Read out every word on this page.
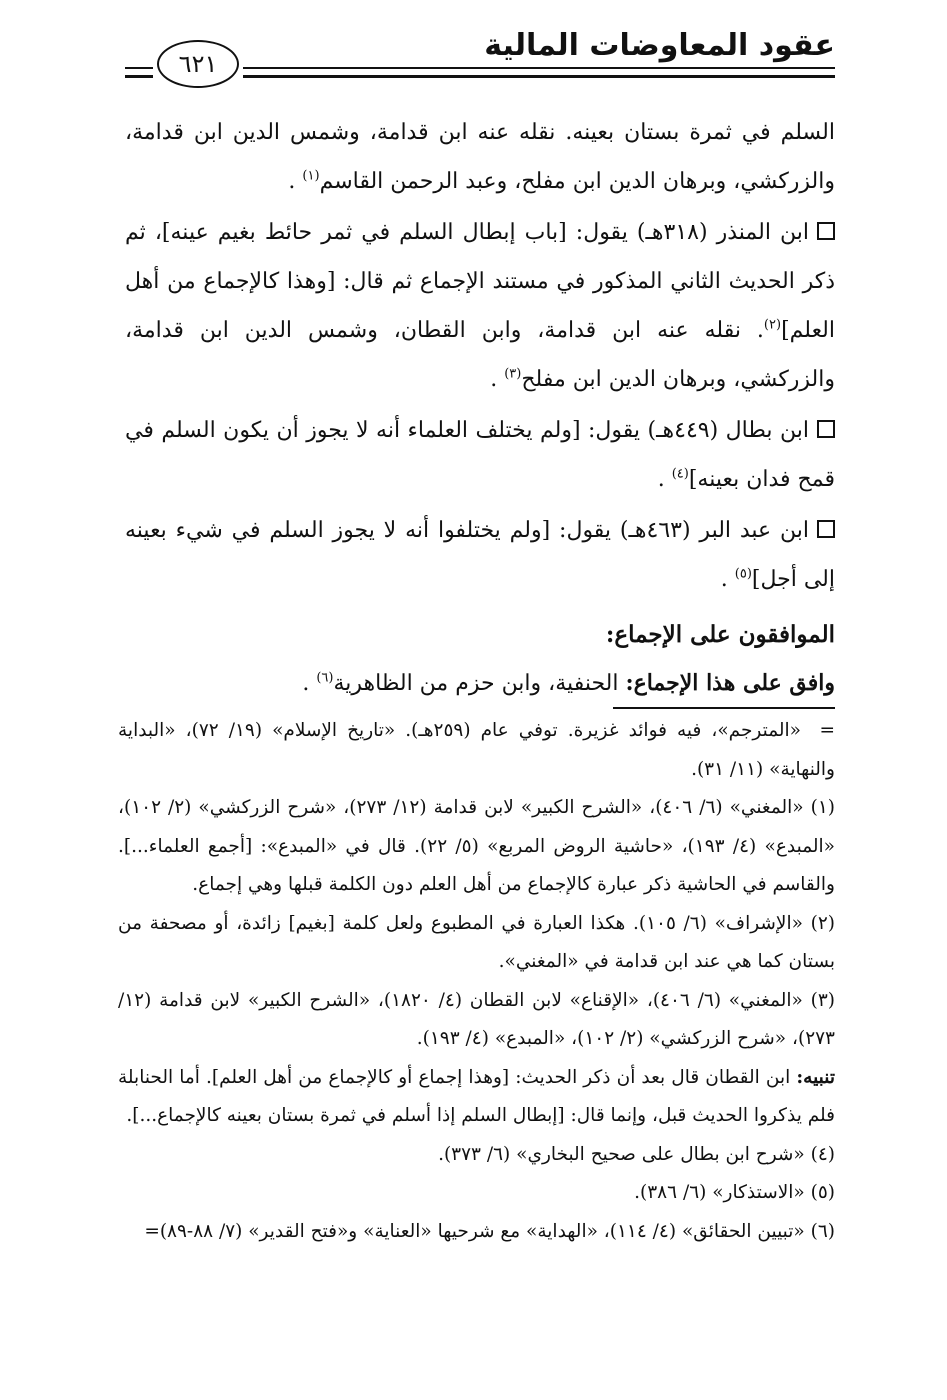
عقود المعاوضات المالية
٦٢١

السلم في ثمرة بستان بعينه. نقله عنه ابن قدامة، وشمس الدين ابن قدامة، والزركشي، وبرهان الدين ابن مفلح، وعبد الرحمن القاسم$^{(١)}$ .

ابن المنذر (٣١٨هـ) يقول: [باب إبطال السلم في ثمر حائط بغيم عينه]، ثم ذكر الحديث الثاني المذكور في مستند الإجماع ثم قال: [وهذا كالإجماع من أهل العلم]$^{(٢)}$. نقله عنه ابن قدامة، وابن القطان، وشمس الدين ابن قدامة، والزركشي، وبرهان الدين ابن مفلح$^{(٣)}$ .

ابن بطال (٤٤٩هـ) يقول: [ولم يختلف العلماء أنه لا يجوز أن يكون السلم في قمح فدان بعينه]$^{(٤)}$ .

ابن عبد البر (٤٦٣هـ) يقول: [ولم يختلفوا أنه لا يجوز السلم في شيء بعينه إلى أجل]$^{(٥)}$ .

الموافقون على الإجماع:

وافق على هذا الإجماع: الحنفية، وابن حزم من الظاهرية$^{(٦)}$ .

=«المترجم»، فيه فوائد غزيرة. توفي عام (٢٥٩هـ). «تاريخ الإسلام» (١٩/ ٧٢)، «البداية والنهاية» (١١/ ٣١).

(١) «المغني» (٦/ ٤٠٦)، «الشرح الكبير» لابن قدامة (١٢/ ٢٧٣)، «شرح الزركشي» (٢/ ١٠٢)، «المبدع» (٤/ ١٩٣)، «حاشية الروض المربع» (٥/ ٢٢). قال في «المبدع»: [أجمع العلماء...]. والقاسم في الحاشية ذكر عبارة كالإجماع من أهل العلم دون الكلمة قبلها وهي إجماع.

(٢) «الإشراف» (٦/ ١٠٥). هكذا العبارة في المطبوع ولعل كلمة [بغيم] زائدة، أو مصحفة من بستان كما هي عند ابن قدامة في «المغني».

(٣) «المغني» (٦/ ٤٠٦)، «الإقناع» لابن القطان (٤/ ١٨٢٠)، «الشرح الكبير» لابن قدامة (١٢/ ٢٧٣)، «شرح الزركشي» (٢/ ١٠٢)، «المبدع» (٤/ ١٩٣).

تنبيه: ابن القطان قال بعد أن ذكر الحديث: [وهذا إجماع أو كالإجماع من أهل العلم]. أما الحنابلة فلم يذكروا الحديث قبل، وإنما قال: [إبطال السلم إذا أسلم في ثمرة بستان بعينه كالإجماع...].

(٤) «شرح ابن بطال على صحيح البخاري» (٦/ ٣٧٣).

(٥) «الاستذكار» (٦/ ٣٨٦).

(٦) «تبيين الحقائق» (٤/ ١١٤)، «الهداية» مع شرحيها «العناية» و«فتح القدير» (٧/ ٨٨-٨٩)=
